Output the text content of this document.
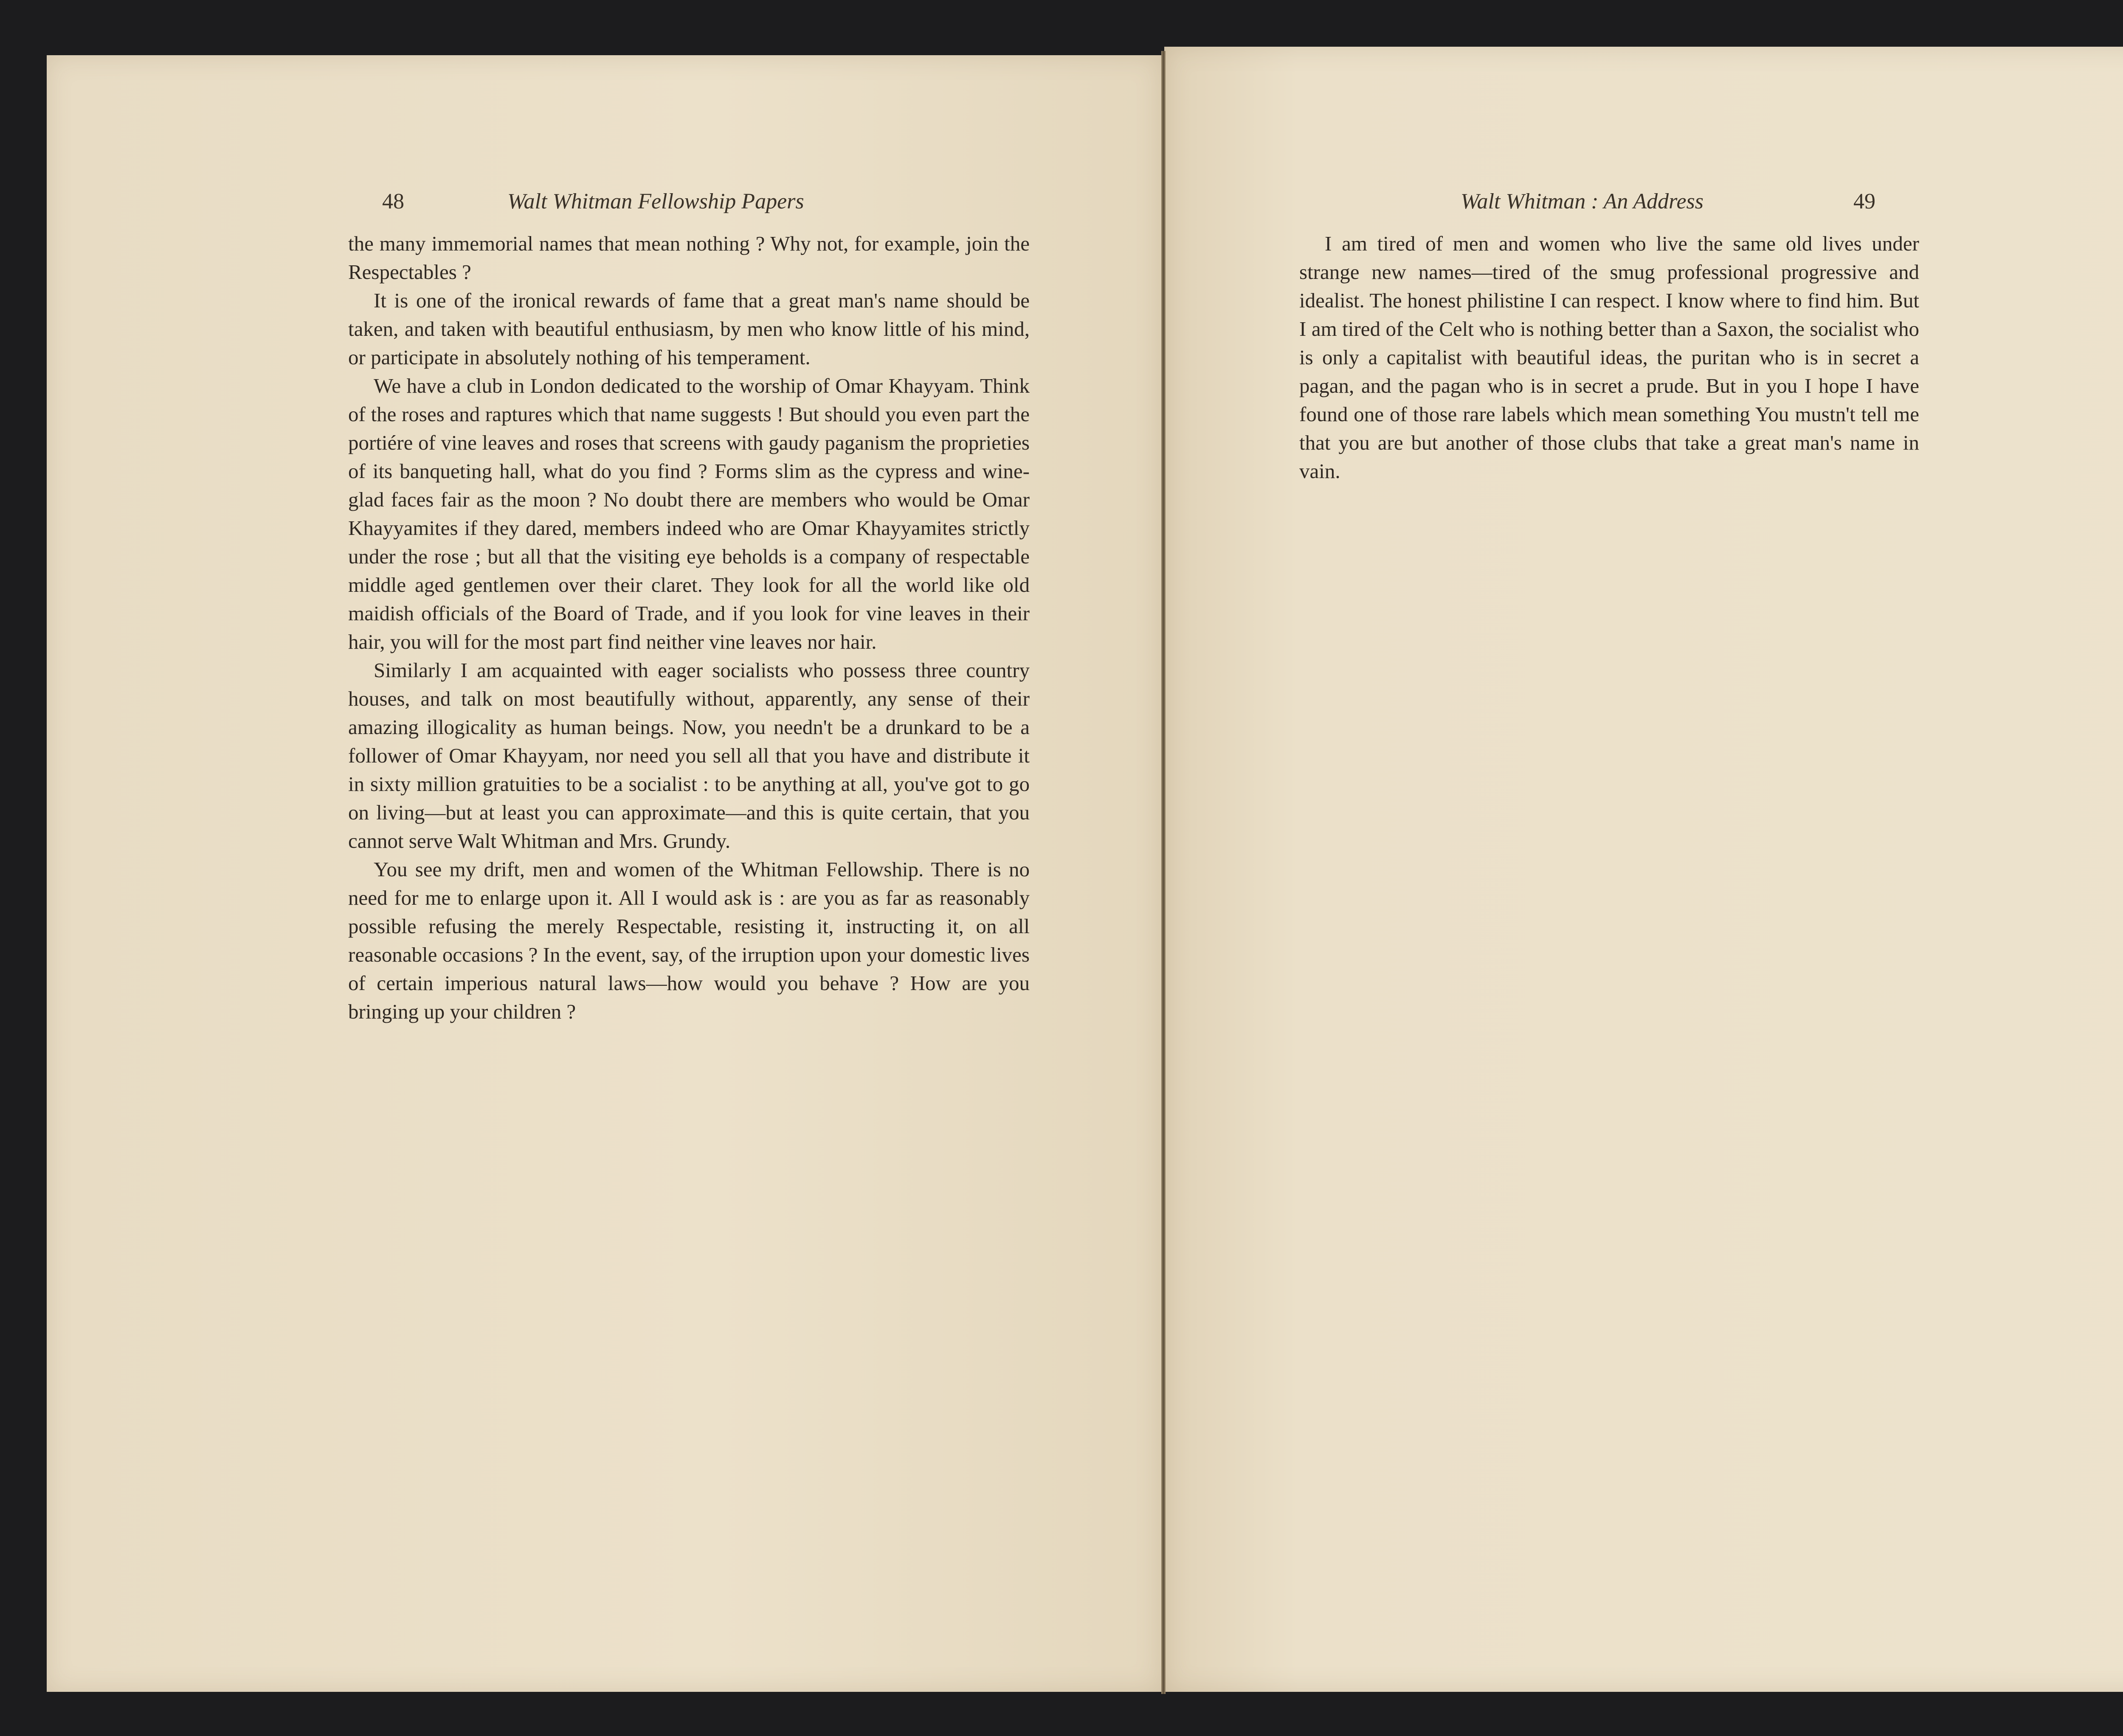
48	Walt Whitman Fellowship Papers

the many immemorial names that mean nothing ? Why not, for example, join the Respectables ?

It is one of the ironical rewards of fame that a great man's name should be taken, and taken with beautiful enthusiasm, by men who know little of his mind, or participate in absolutely nothing of his temperament.

We have a club in London dedicated to the worship of Omar Khayyam. Think of the roses and raptures which that name suggests ! But should you even part the portiére of vine leaves and roses that screens with gaudy paganism the proprieties of its banqueting hall, what do you find ? Forms slim as the cypress and wine-glad faces fair as the moon ? No doubt there are members who would be Omar Khayyamites if they dared, members indeed who are Omar Khayyamites strictly under the rose ; but all that the visiting eye beholds is a company of respectable middle aged gentlemen over their claret. They look for all the world like old maidish officials of the Board of Trade, and if you look for vine leaves in their hair, you will for the most part find neither vine leaves nor hair.

Similarly I am acquainted with eager socialists who possess three country houses, and talk on most beautifully without, apparently, any sense of their amazing illogicality as human beings. Now, you needn't be a drunkard to be a follower of Omar Khayyam, nor need you sell all that you have and distribute it in sixty million gratuities to be a socialist : to be anything at all, you've got to go on living—but at least you can approximate—and this is quite certain, that you cannot serve Walt Whitman and Mrs. Grundy.

You see my drift, men and women of the Whitman Fellowship. There is no need for me to enlarge upon it. All I would ask is : are you as far as reasonably possible refusing the merely Respectable, resisting it, instructing it, on all reasonable occasions ? In the event, say, of the irruption upon your domestic lives of certain imperious natural laws—how would you behave ? How are you bringing up your children ?

Walt Whitman : An Address	49

I am tired of men and women who live the same old lives under strange new names—tired of the smug professional progressive and idealist. The honest philistine I can respect. I know where to find him. But I am tired of the Celt who is nothing better than a Saxon, the socialist who is only a capitalist with beautiful ideas, the puritan who is in secret a pagan, and the pagan who is in secret a prude. But in you I hope I have found one of those rare labels which mean something You mustn't tell me that you are but another of those clubs that take a great man's name in vain.
